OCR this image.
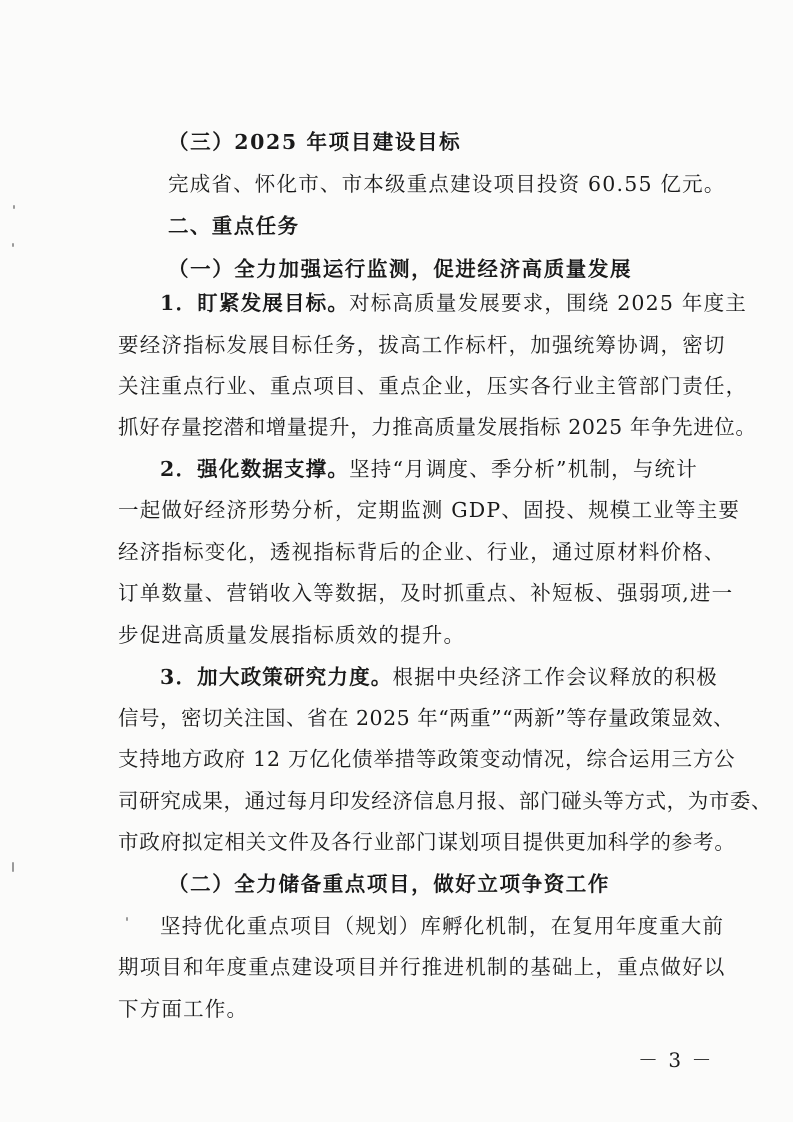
（三）2025 年项目建设目标
完成省、怀化市、市本级重点建设项目投资 60.55 亿元。
二、重点任务
（一）全力加强运行监测，促进经济高质量发展
1．盯紧发展目标。对标高质量发展要求，围绕 2025 年度主
要经济指标发展目标任务，拔高工作标杆，加强统筹协调，密切
关注重点行业、重点项目、重点企业，压实各行业主管部门责任，
抓好存量挖潜和增量提升，力推高质量发展指标 2025 年争先进位。
2．强化数据支撑。坚持“月调度、季分析”机制，与统计
一起做好经济形势分析，定期监测 GDP、固投、规模工业等主要
经济指标变化，透视指标背后的企业、行业，通过原材料价格、
订单数量、营销收入等数据，及时抓重点、补短板、强弱项,进一
步促进高质量发展指标质效的提升。
3．加大政策研究力度。根据中央经济工作会议释放的积极
信号，密切关注国、省在 2025 年“两重”“两新”等存量政策显效、
支持地方政府 12 万亿化债举措等政策变动情况，综合运用三方公
司研究成果，通过每月印发经济信息月报、部门碰头等方式，为市委、
市政府拟定相关文件及各行业部门谋划项目提供更加科学的参考。
（二）全力储备重点项目，做好立项争资工作
坚持优化重点项目（规划）库孵化机制，在复用年度重大前
期项目和年度重点建设项目并行推进机制的基础上，重点做好以
下方面工作。
－ 3 －
